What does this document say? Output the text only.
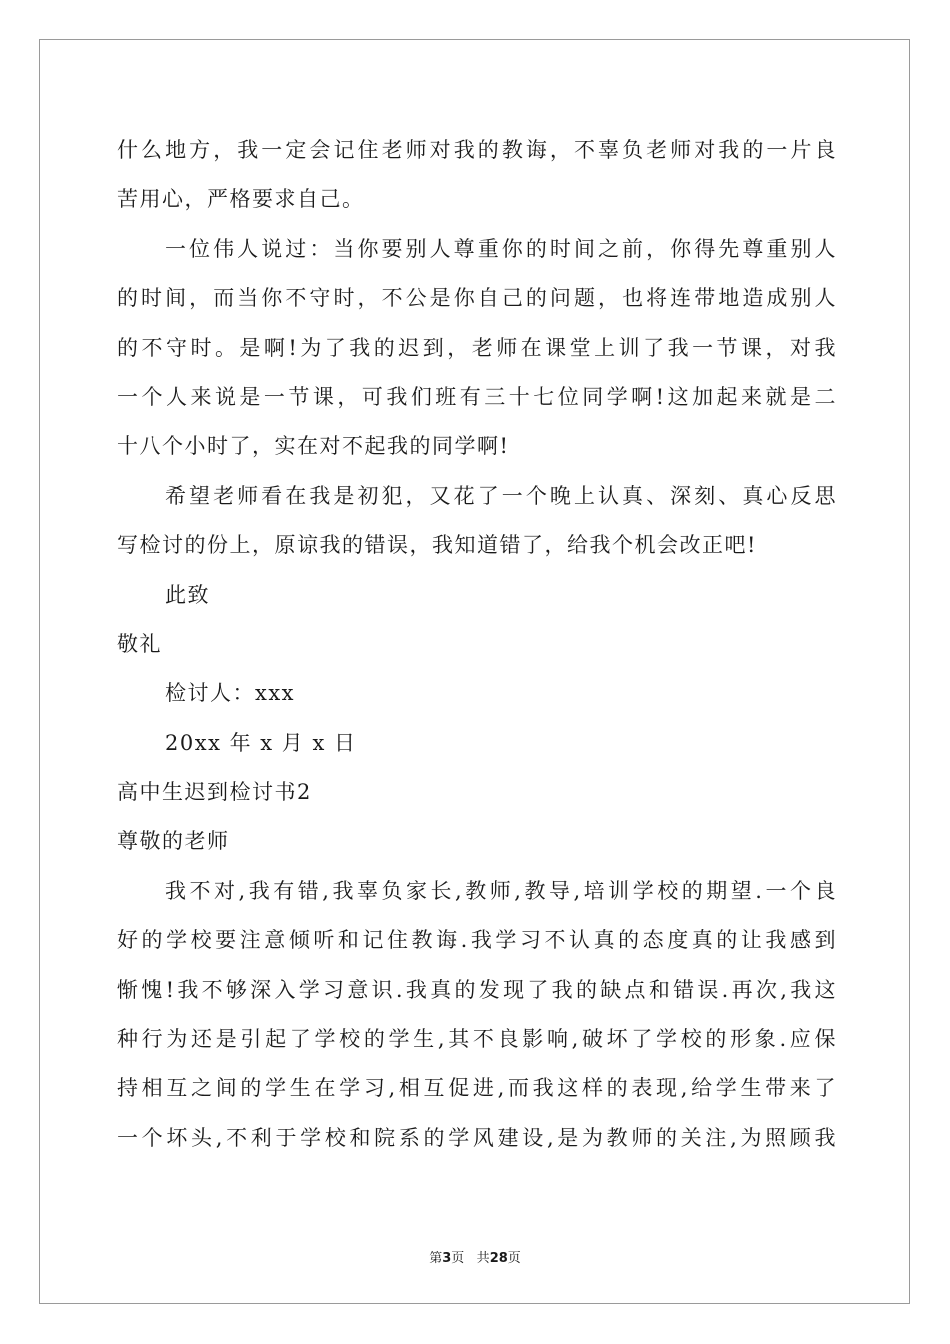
什么地方，我一定会记住老师对我的教诲，不辜负老师对我的一片良
苦用心，严格要求自己。
一位伟人说过：当你要别人尊重你的时间之前，你得先尊重别人
的时间，而当你不守时，不公是你自己的问题，也将连带地造成别人
的不守时。是啊!为了我的迟到，老师在课堂上训了我一节课，对我
一个人来说是一节课，可我们班有三十七位同学啊!这加起来就是二
十八个小时了，实在对不起我的同学啊!
希望老师看在我是初犯，又花了一个晚上认真、深刻、真心反思
写检讨的份上，原谅我的错误，我知道错了，给我个机会改正吧!
此致
敬礼
检讨人：xxx
20xx 年 x 月 x 日
高中生迟到检讨书2
尊敬的老师
我不对,我有错,我辜负家长,教师,教导,培训学校的期望.一个良
好的学校要注意倾听和记住教诲.我学习不认真的态度真的让我感到
惭愧!我不够深入学习意识.我真的发现了我的缺点和错误.再次,我这
种行为还是引起了学校的学生,其不良影响,破坏了学校的形象.应保
持相互之间的学生在学习,相互促进,而我这样的表现,给学生带来了
一个坏头,不利于学校和院系的学风建设,是为教师的关注,为照顾我
第3页 共28页
